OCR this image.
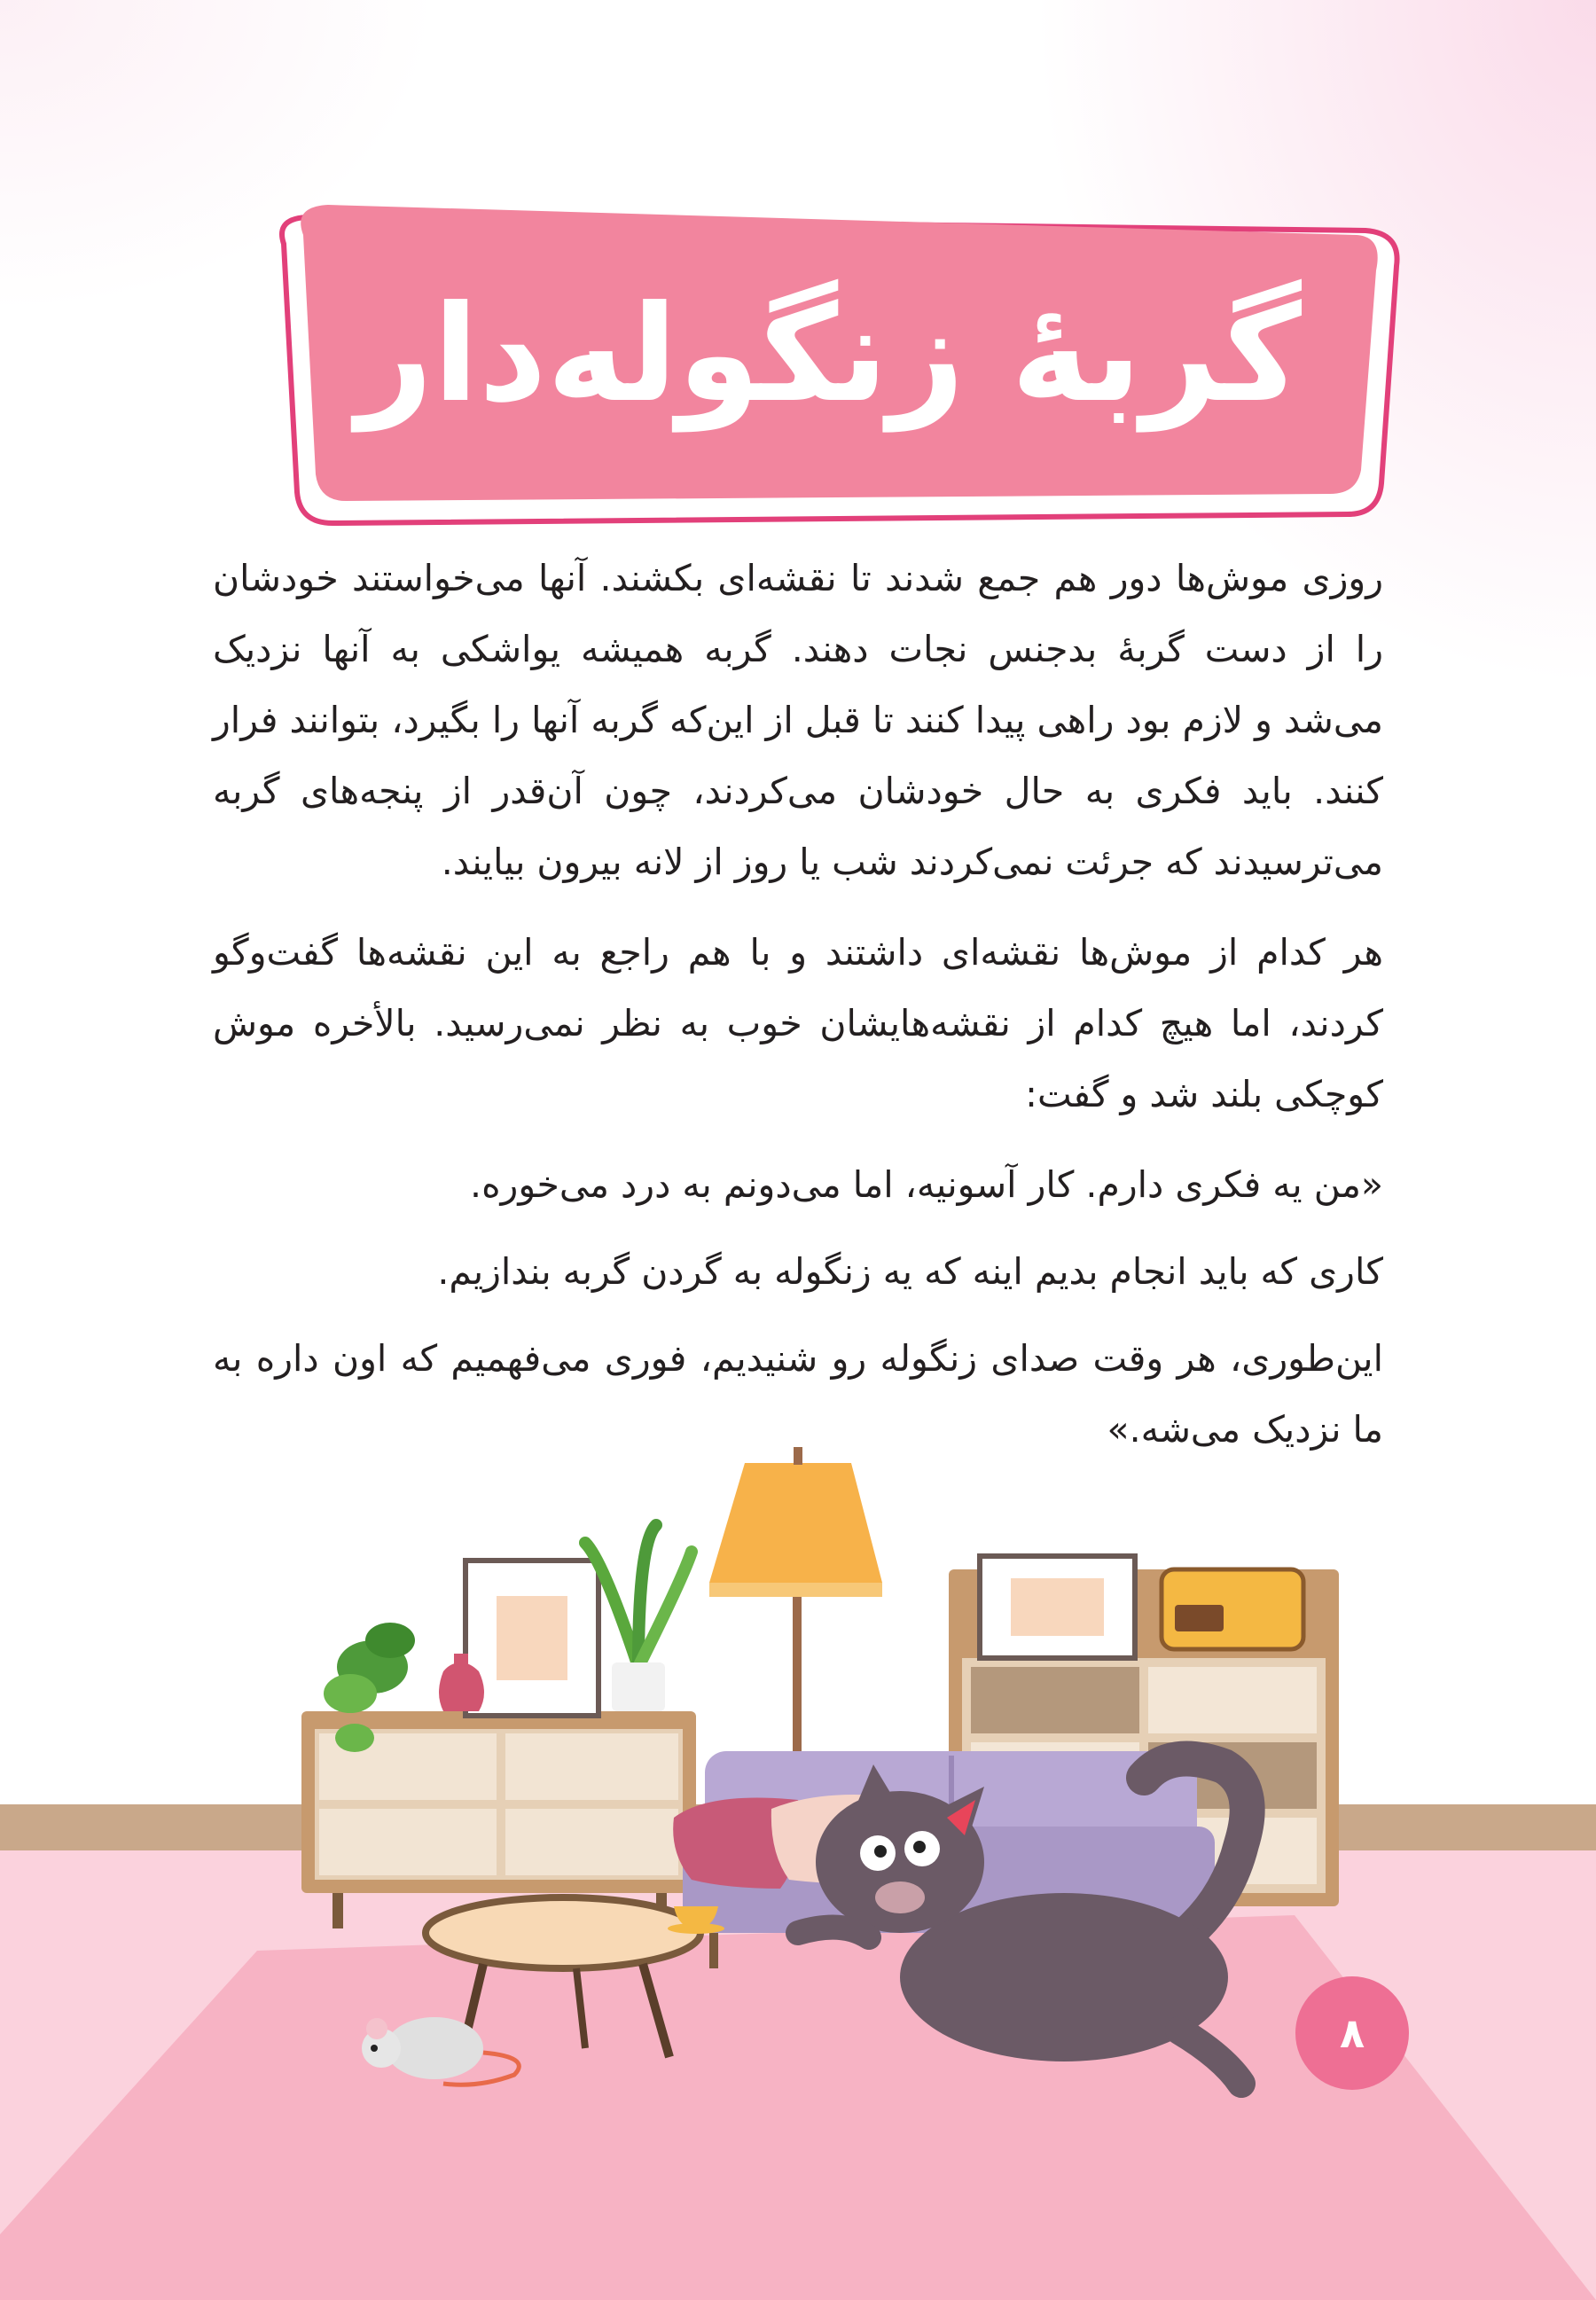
گربهٔ زنگوله‌دار

روزی موش‌ها دور هم جمع شدند تا نقشه‌ای بکشند. آنها می‌خواستند خودشان را از دست گربهٔ بدجنس نجات دهند. گربه همیشه یواشکی به آنها نزدیک می‌شد و لازم بود راهی پیدا کنند تا قبل از این‌که گربه آنها را بگیرد، بتوانند فرار کنند. باید فکری به حال خودشان می‌کردند، چون آن‌قدر از پنجه‌های گربه می‌ترسیدند که جرئت نمی‌کردند شب یا روز از لانه بیرون بیایند.

هر کدام از موش‌ها نقشه‌ای داشتند و با هم راجع به این نقشه‌ها گفت‌وگو کردند، اما هیچ کدام از نقشه‌هایشان خوب به نظر نمی‌رسید. بالأخره موش کوچکی بلند شد و گفت:

«من یه فکری دارم. کار آسونیه، اما می‌دونم به درد می‌خوره.

کاری که باید انجام بدیم اینه که یه زنگوله به گردن گربه بندازیم.

این‌طوری، هر وقت صدای زنگوله رو شنیدیم، فوری می‌فهمیم که اون داره به ما نزدیک می‌شه.»

۸
